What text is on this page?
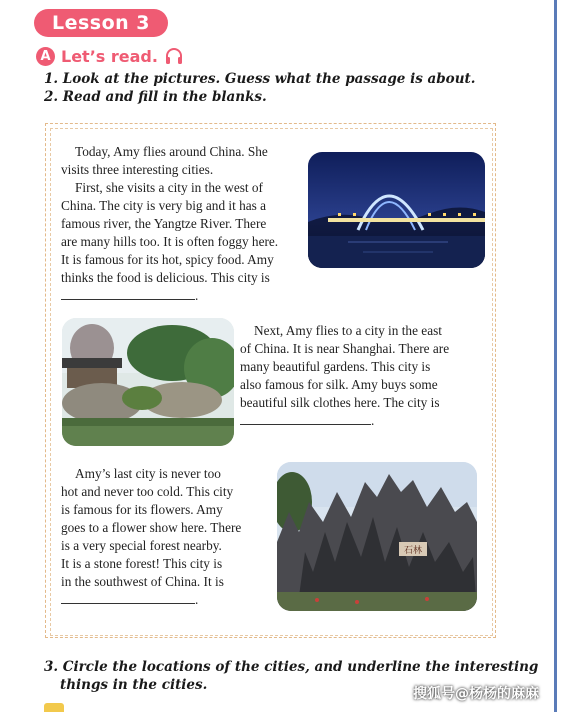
Lesson 3
A Let’s read.
1. Look at the pictures. Guess what the passage is about.
2. Read and fill in the blanks.

Today, Amy flies around China. She

visits three interesting cities.

First, she visits a city in the west of

China. The city is very big and it has a

famous river, the Yangtze River. There

are many hills too. It is often foggy here.

It is famous for its hot, spicy food. Amy

thinks the food is delicious. This city is

.

Next, Amy flies to a city in the east

of China. It is near Shanghai. There are

many beautiful gardens. This city is

also famous for silk. Amy buys some

beautiful silk clothes here. The city is

.

Amy’s last city is never too

hot and never too cold. This city

is famous for its flowers. Amy

goes to a flower show here. There

is a very special forest nearby.

It is a stone forest! This city is

in the southwest of China. It is

.

石林
3. Circle the locations of the cities, and underline the interesting
things in the cities.
搜狐号@杨杨的麻麻
